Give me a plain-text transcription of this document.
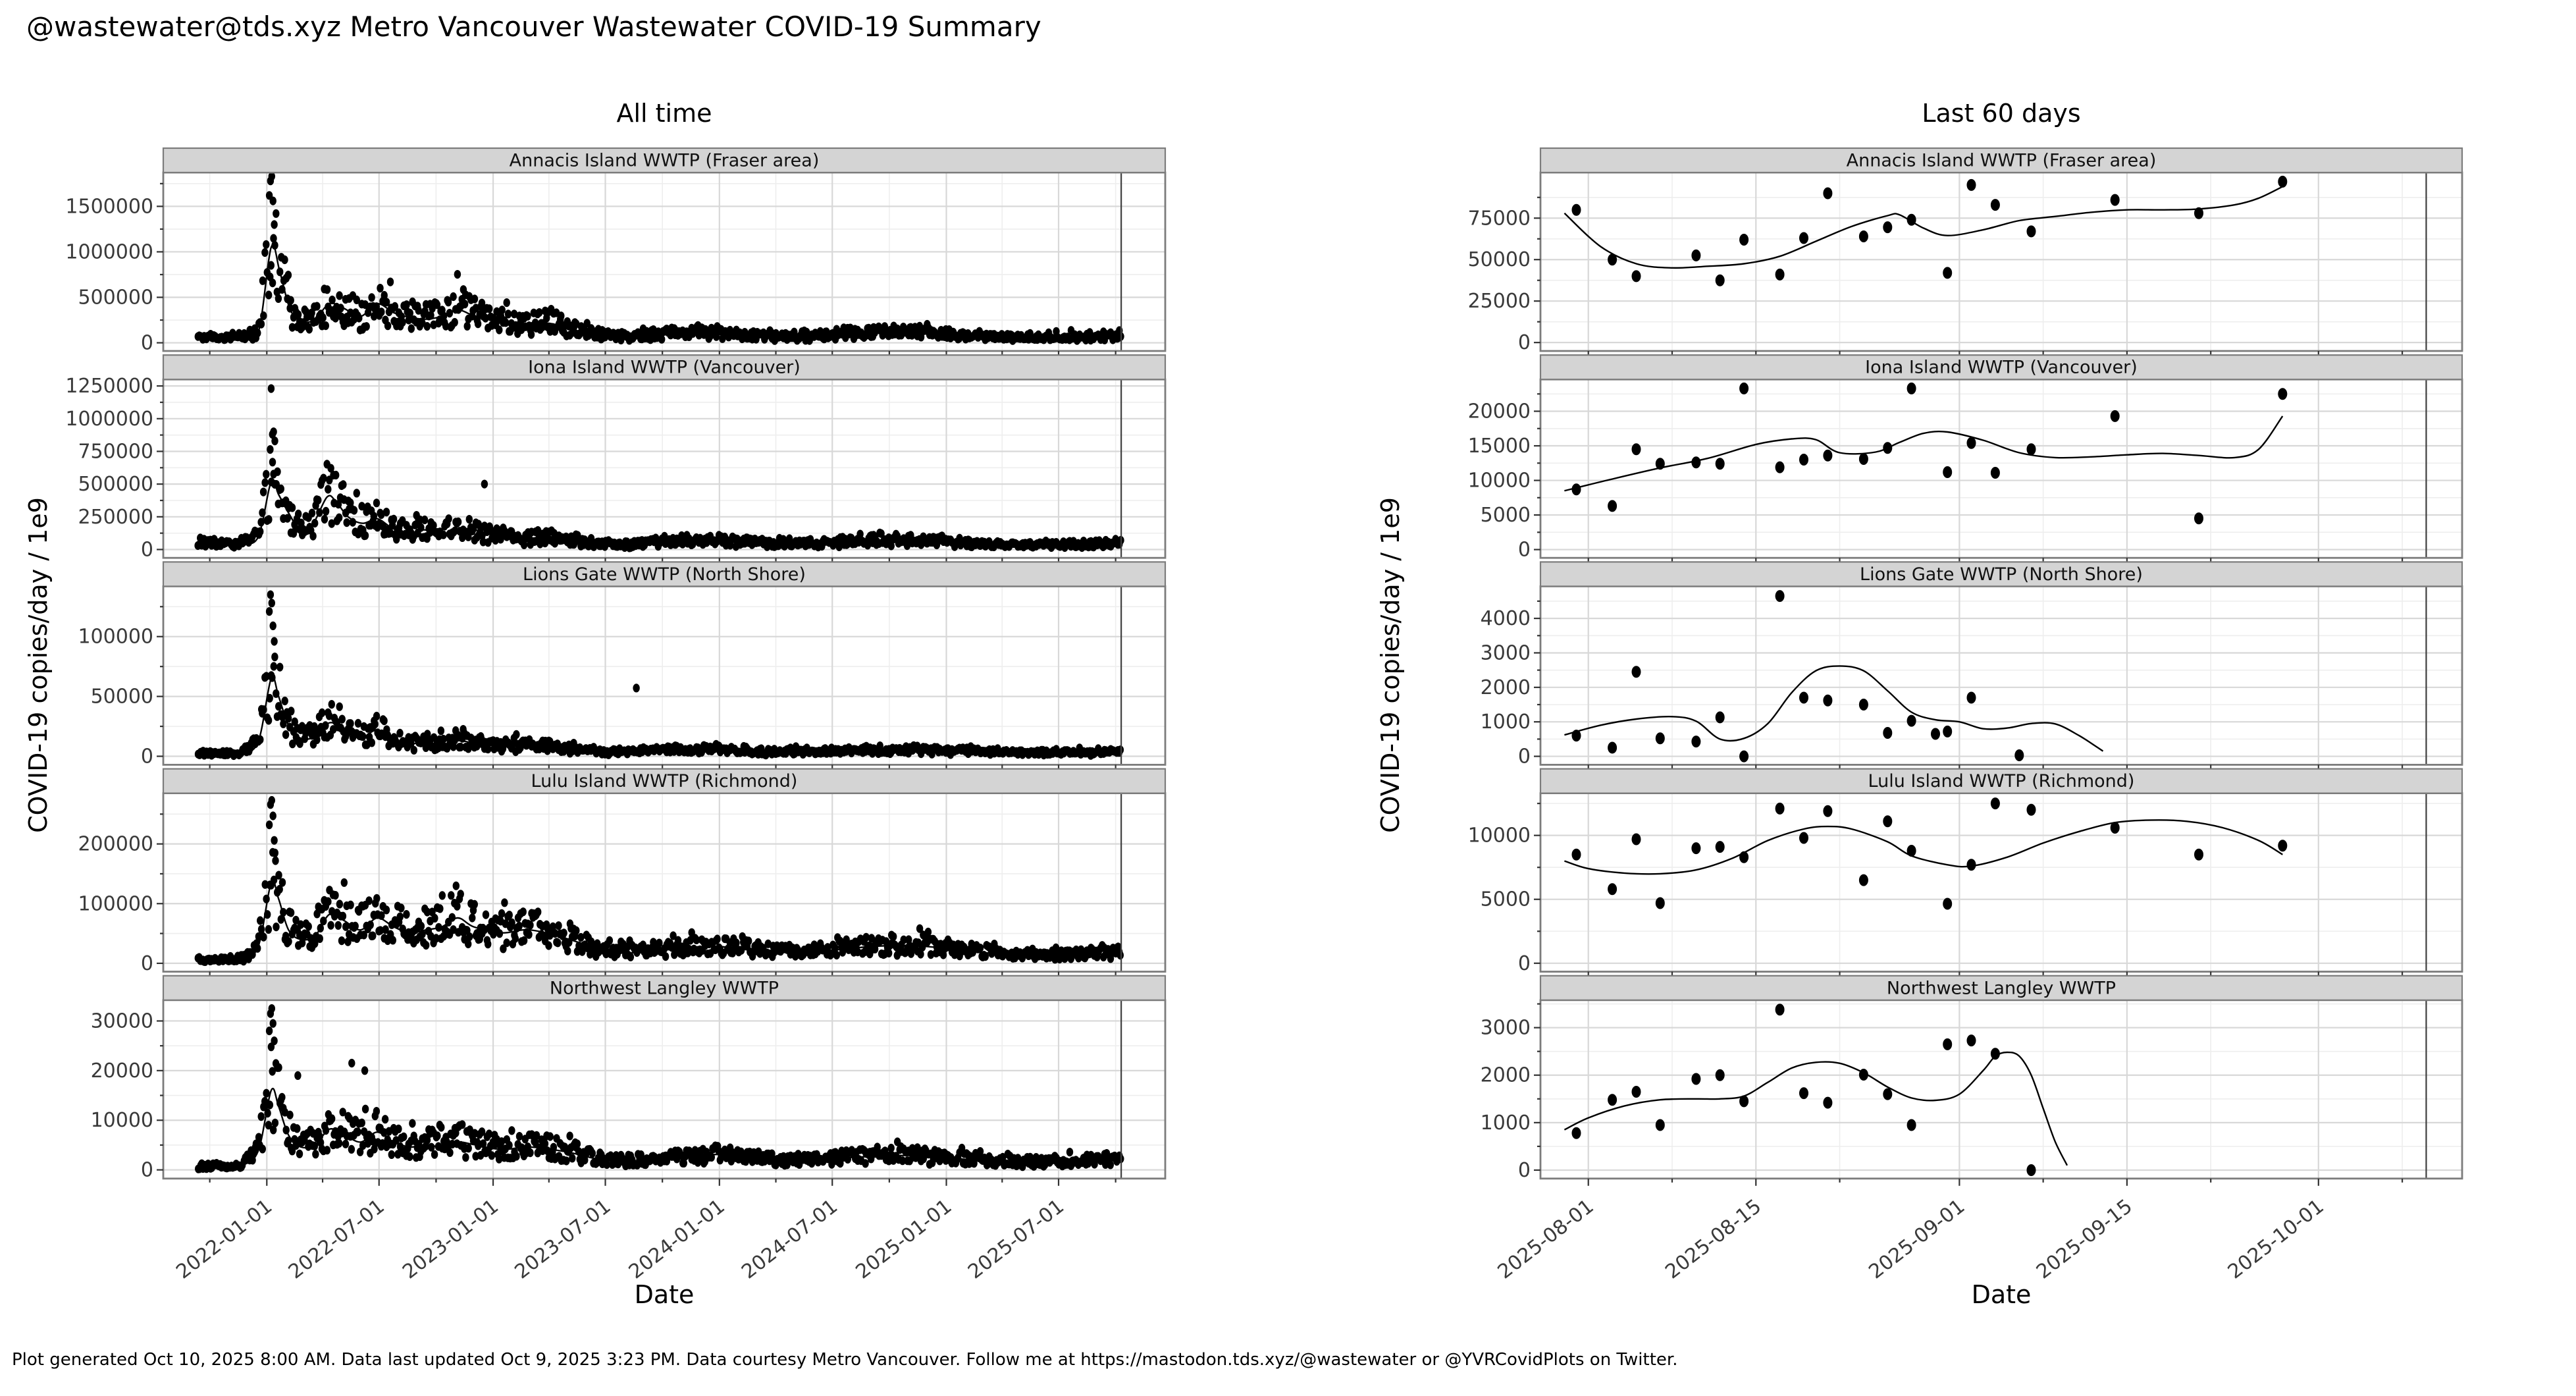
@wastewater@tds.xyz Metro Vancouver Wastewater COVID-19 Summary
All time	Last 60 days
Annacis Island WWTP (Fraser area)
0
500000
1000000
1500000
Iona Island WWTP (Vancouver)
0
250000
500000
750000
1000000
1250000
Lions Gate WWTP (North Shore)
0
50000
100000
Lulu Island WWTP (Richmond)
0
100000
200000
Northwest Langley WWTP
0
10000
20000
30000
2022-01-01 2022-07-01 2023-01-01 2023-07-01 2024-01-01 2024-07-01 2025-01-01 2025-07-01
Annacis Island WWTP (Fraser area)
0
25000
50000
75000
Iona Island WWTP (Vancouver)
0
5000
10000
15000
20000
Lions Gate WWTP (North Shore)
0
1000
2000
3000
4000
Lulu Island WWTP (Richmond)
0
5000
10000
Northwest Langley WWTP
0
1000
2000
3000
2025-08-01	2025-08-15	2025-09-01	2025-09-15	2025-10-01
COVID-19 copies/day / 1e9	COVID-19 copies/day / 1e9
Date	Date
Plot generated Oct 10, 2025 8:00 AM. Data last updated Oct 9, 2025 3:23 PM. Data courtesy Metro Vancouver. Follow me at https://mastodon.tds.xyz/@wastewater or @YVRCovidPlots on Twitter.
